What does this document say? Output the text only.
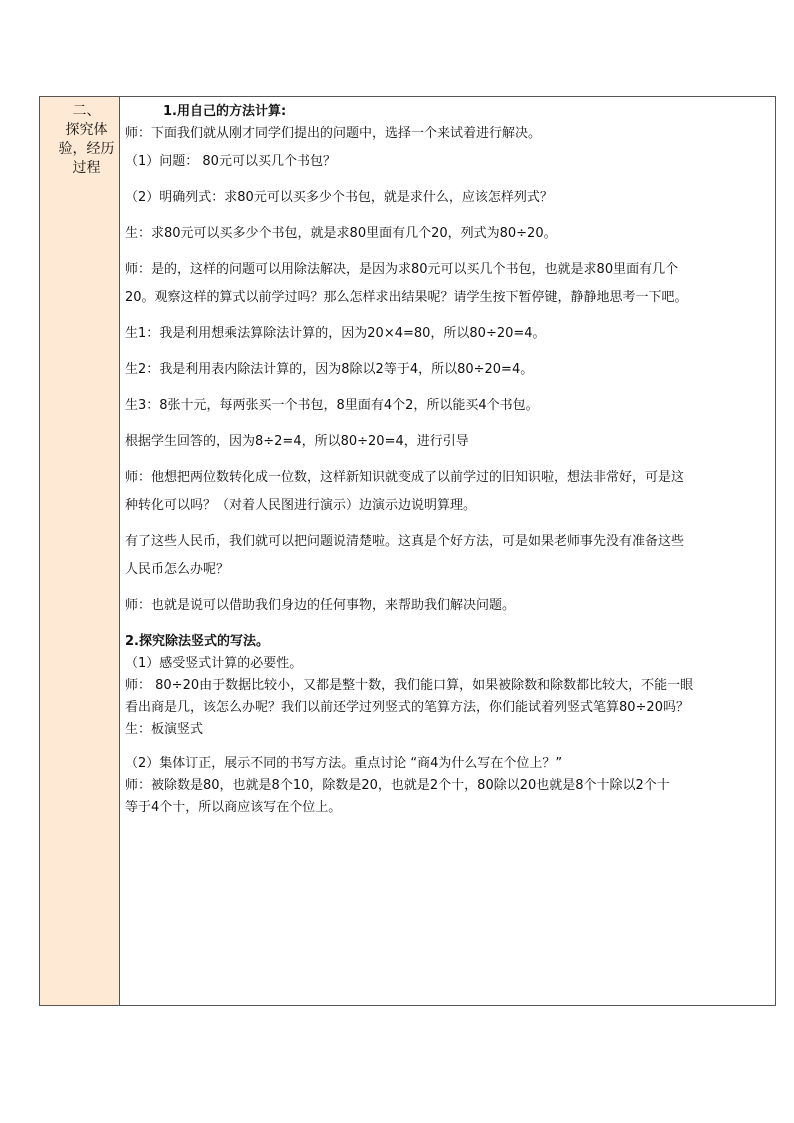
二、
探究体
验，经历
过程

1.用自己的方法计算:

师：下面我们就从刚才同学们提出的问题中，选择一个来试着进行解决。

（1）问题： 80元可以买几个书包？

（2）明确列式：求80元可以买多少个书包，就是求什么，应该怎样列式？

生：求80元可以买多少个书包，就是求80里面有几个20，列式为80÷20。

师：是的，这样的问题可以用除法解决，是因为求80元可以买几个书包，也就是求80里面有几个

20。观察这样的算式以前学过吗？那么怎样求出结果呢？请学生按下暂停键，静静地思考一下吧。

生1：我是利用想乘法算除法计算的，因为20×4=80，所以80÷20=4。

生2：我是利用表内除法计算的，因为8除以2等于4，所以80÷20=4。

生3：8张十元，每两张买一个书包，8里面有4个2，所以能买4个书包。

根据学生回答的，因为8÷2=4，所以80÷20=4，进行引导

师：他想把两位数转化成一位数，这样新知识就变成了以前学过的旧知识啦，想法非常好，可是这

种转化可以吗？（对着人民图进行演示）边演示边说明算理。

有了这些人民币，我们就可以把问题说清楚啦。这真是个好方法，可是如果老师事先没有准备这些

人民币怎么办呢？

师：也就是说可以借助我们身边的任何事物，来帮助我们解决问题。

2.探究除法竖式的写法。

（1）感受竖式计算的必要性。

师： 80÷20由于数据比较小，又都是整十数，我们能口算，如果被除数和除数都比较大，不能一眼

看出商是几，该怎么办呢？我们以前还学过列竖式的笔算方法，你们能试着列竖式笔算80÷20吗？

生：板演竖式

（2）集体订正，展示不同的书写方法。重点讨论 “商4为什么写在个位上？”

师：被除数是80，也就是8个10，除数是20，也就是2个十，80除以20也就是8个十除以2个十

等于4个十，所以商应该写在个位上。
